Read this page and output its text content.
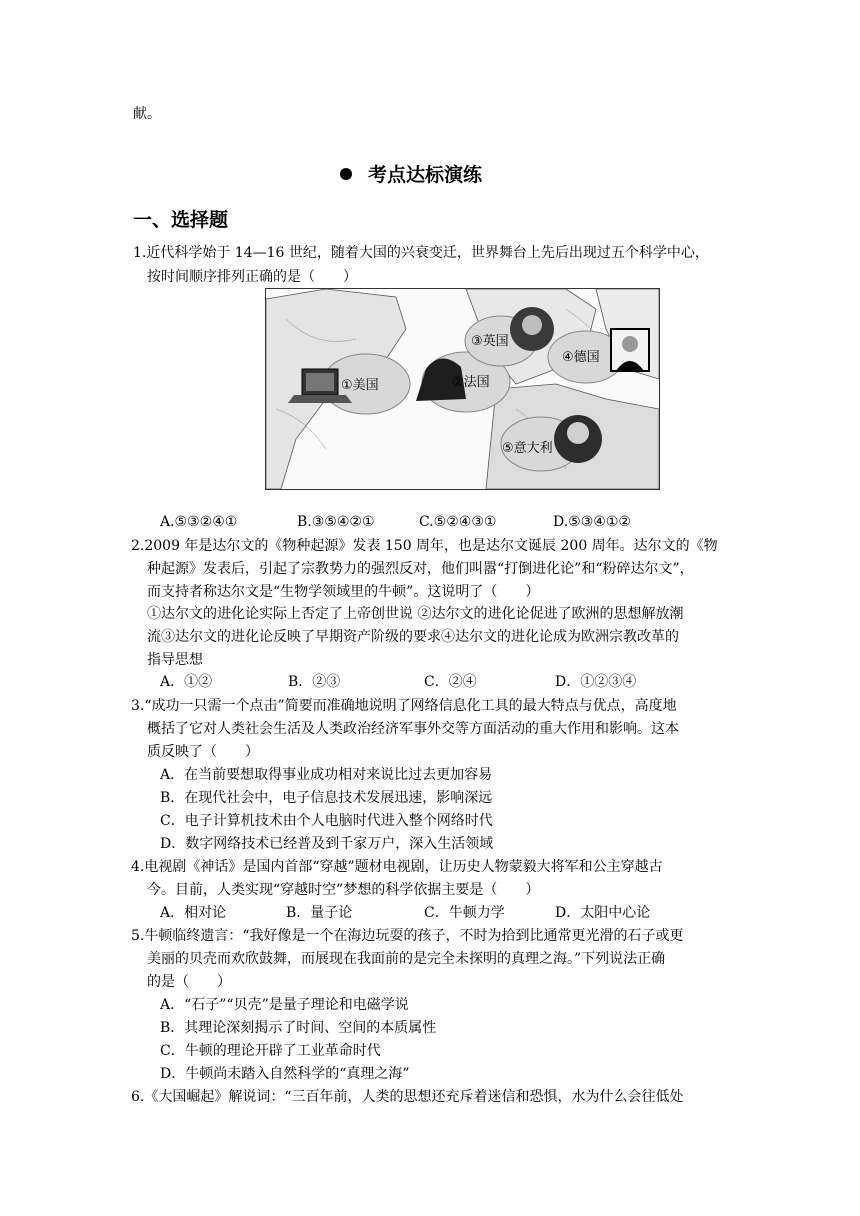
献。
考点达标演练
一、选择题
1.近代科学始于 14—16 世纪，随着大国的兴衰变迁，世界舞台上先后出现过五个科学中心，
按时间顺序排列正确的是（　　）
①美国	②法国
③英国
④德国
⑤意大利
A.⑤③②④①	B.③⑤④②①	C.⑤②④③①	D.⑤③④①②
2.2009 年是达尔文的《物种起源》发表 150 周年，也是达尔文诞辰 200 周年。达尔文的《物
种起源》发表后，引起了宗教势力的强烈反对，他们叫嚣“打倒进化论”和“粉碎达尔文”，
而支持者称达尔文是“生物学领域里的牛顿”。这说明了（　　）
①达尔文的进化论实际上否定了上帝创世说 ②达尔文的进化论促进了欧洲的思想解放潮
流③达尔文的进化论反映了早期资产阶级的要求④达尔文的进化论成为欧洲宗教改革的
指导思想
A．①②	B．②③	C．②④	D．①②③④
3.“成功一只需一个点击”简要而准确地说明了网络信息化工具的最大特点与优点，高度地
概括了它对人类社会生活及人类政治经济军事外交等方面活动的重大作用和影响。这本
质反映了（　　）
A．在当前要想取得事业成功相对来说比过去更加容易
B．在现代社会中，电子信息技术发展迅速，影响深远
C．电子计算机技术由个人电脑时代进入整个网络时代
D．数字网络技术已经普及到千家万户，深入生活领域
4.电视剧《神话》是国内首部“穿越”题材电视剧，让历史人物蒙毅大将军和公主穿越古
今。目前，人类实现“穿越时空”梦想的科学依据主要是（　　）
A．相对论	B．量子论	C．牛顿力学	D．太阳中心论
5.牛顿临终遗言：“我好像是一个在海边玩耍的孩子，不时为拾到比通常更光滑的石子或更
美丽的贝壳而欢欣鼓舞，而展现在我面前的是完全未探明的真理之海。”下列说法正确
的是（　　）
A．“石子”“贝壳”是量子理论和电磁学说
B．其理论深刻揭示了时间、空间的本质属性
C．牛顿的理论开辟了工业革命时代
D．牛顿尚未踏入自然科学的“真理之海”
6.《大国崛起》解说词：“三百年前，人类的思想还充斥着迷信和恐惧，水为什么会往低处
